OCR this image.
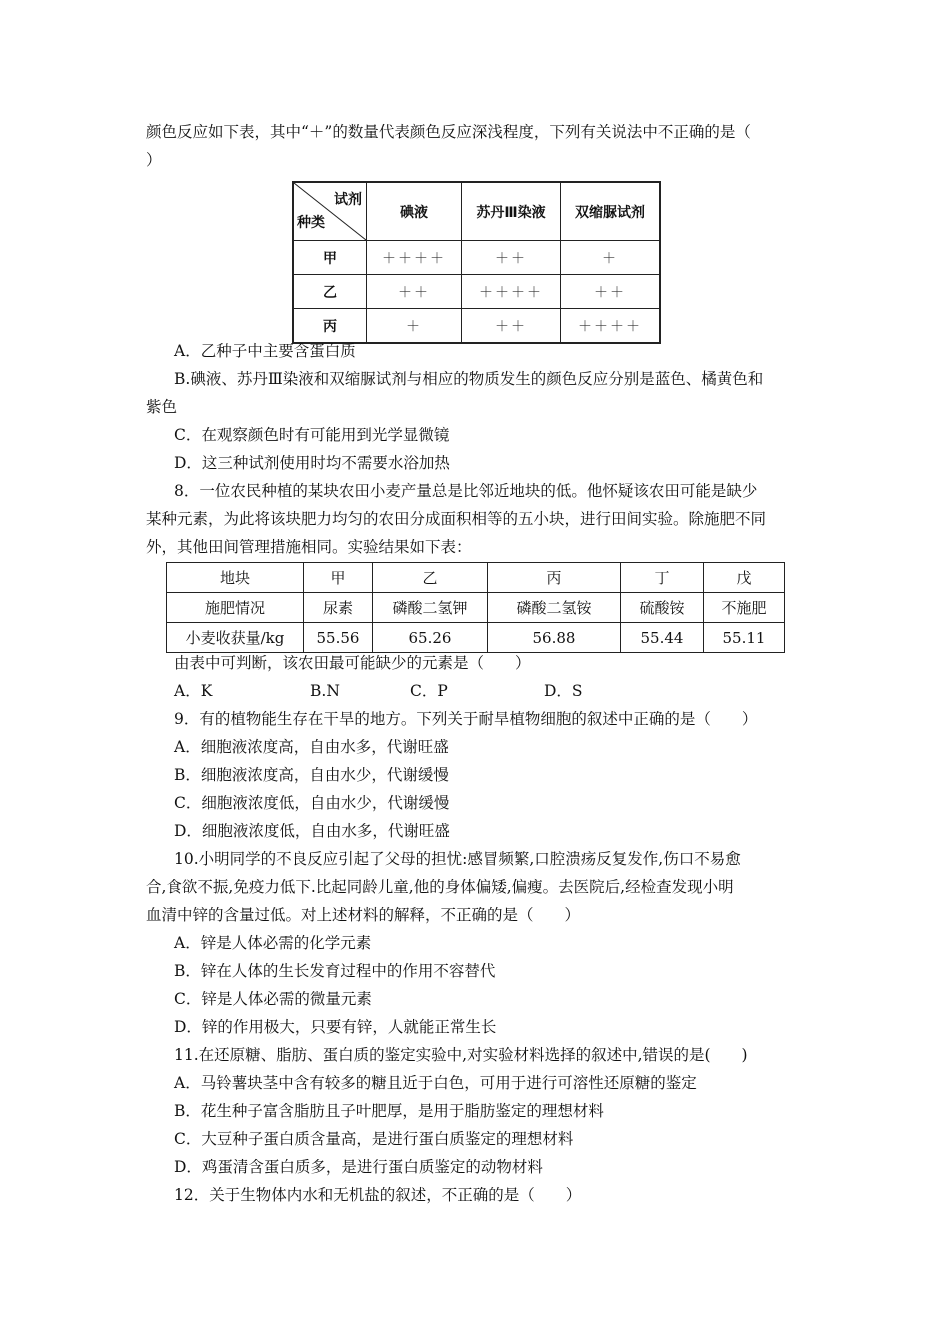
颜色反应如下表，其中“＋”的数量代表颜色反应深浅程度，下列有关说法中不正确的是（
）
试剂
种类	碘液	苏丹Ⅲ染液	双缩脲试剂
甲	＋＋＋＋	＋＋	＋
乙	＋＋	＋＋＋＋	＋＋
丙	＋	＋＋	＋＋＋＋
A．乙种子中主要含蛋白质
B.碘液、苏丹Ⅲ染液和双缩脲试剂与相应的物质发生的颜色反应分别是蓝色、橘黄色和
紫色
C．在观察颜色时有可能用到光学显微镜
D．这三种试剂使用时均不需要水浴加热
8．一位农民种植的某块农田小麦产量总是比邻近地块的低。他怀疑该农田可能是缺少
某种元素，为此将该块肥力均匀的农田分成面积相等的五小块，进行田间实验。除施肥不同
外，其他田间管理措施相同。实验结果如下表：
地块	甲	乙	丙	丁	戊
施肥情况	尿素	磷酸二氢钾	磷酸二氢铵	硫酸铵	不施肥
小麦收获量/kg	55.56	65.26	56.88	55.44	55.11
由表中可判断，该农田最可能缺少的元素是（　　）
A．K	B.N	C．P	D．S
9．有的植物能生存在干旱的地方。下列关于耐旱植物细胞的叙述中正确的是（　　）
A．细胞液浓度高，自由水多，代谢旺盛
B．细胞液浓度高，自由水少，代谢缓慢
C．细胞液浓度低，自由水少，代谢缓慢
D．细胞液浓度低，自由水多，代谢旺盛
10.小明同学的不良反应引起了父母的担忧:感冒频繁,口腔溃疡反复发作,伤口不易愈
合,食欲不振,免疫力低下.比起同龄儿童,他的身体偏矮,偏瘦。去医院后,经检查发现小明
血清中锌的含量过低。对上述材料的解释，不正确的是（　　）
A．锌是人体必需的化学元素
B．锌在人体的生长发育过程中的作用不容替代
C．锌是人体必需的微量元素
D．锌的作用极大，只要有锌，人就能正常生长
11.在还原糖、脂肪、蛋白质的鉴定实验中,对实验材料选择的叙述中,错误的是(　　)
A．马铃薯块茎中含有较多的糖且近于白色，可用于进行可溶性还原糖的鉴定
B．花生种子富含脂肪且子叶肥厚，是用于脂肪鉴定的理想材料
C．大豆种子蛋白质含量高，是进行蛋白质鉴定的理想材料
D．鸡蛋清含蛋白质多，是进行蛋白质鉴定的动物材料
12．关于生物体内水和无机盐的叙述，不正确的是（　　）
